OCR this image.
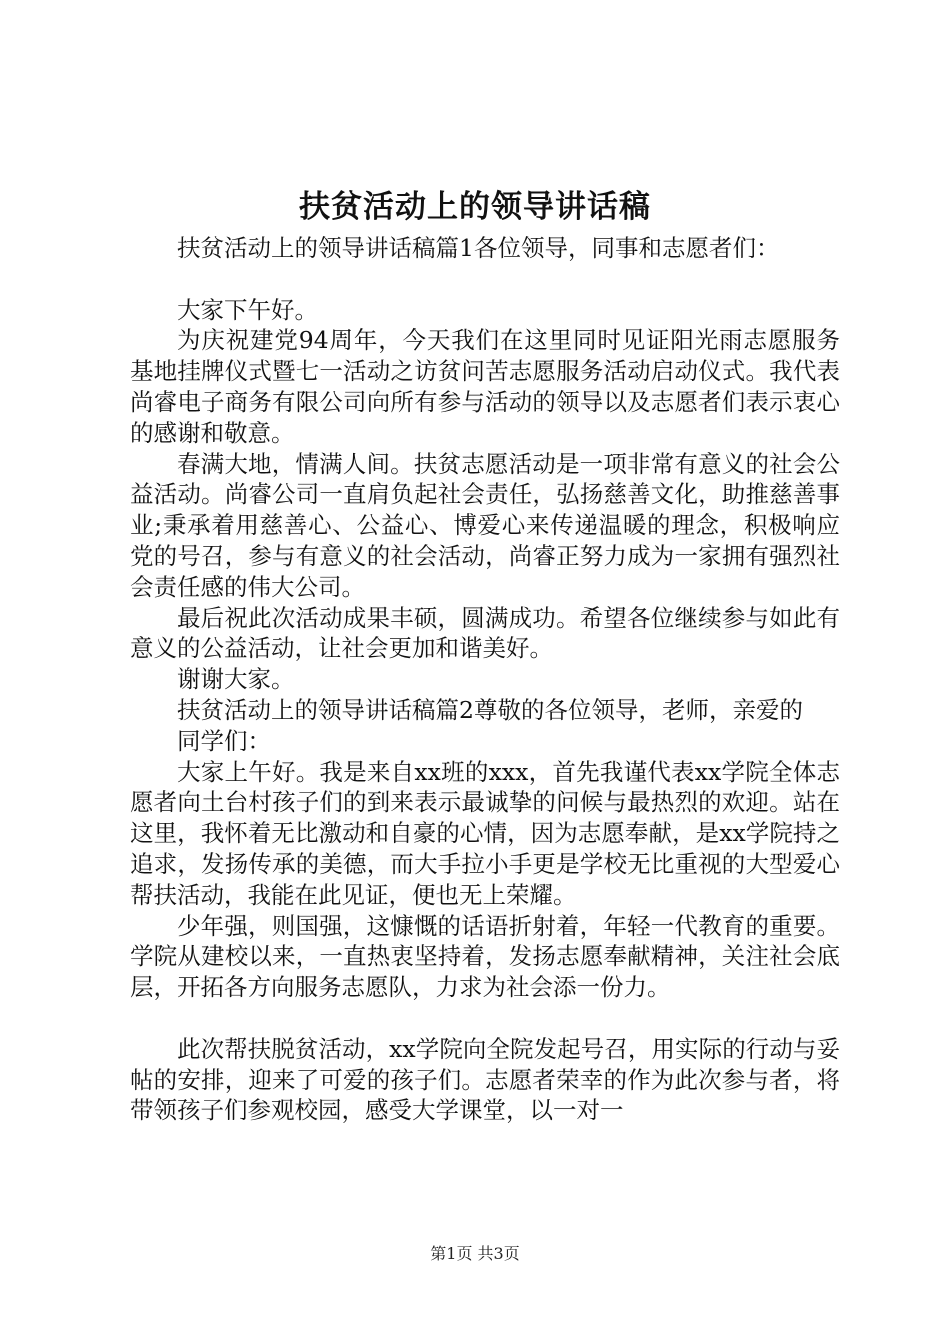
扶贫活动上的领导讲话稿

扶贫活动上的领导讲话稿篇1各位领导，同事和志愿者们：

大家下午好。

为庆祝建党94周年，今天我们在这里同时见证阳光雨志愿服务基地挂牌仪式暨七一活动之访贫问苦志愿服务活动启动仪式。我代表尚睿电子商务有限公司向所有参与活动的领导以及志愿者们表示衷心的感谢和敬意。

春满大地，情满人间。扶贫志愿活动是一项非常有意义的社会公益活动。尚睿公司一直肩负起社会责任，弘扬慈善文化，助推慈善事业;秉承着用慈善心、公益心、博爱心来传递温暖的理念，积极响应党的号召，参与有意义的社会活动，尚睿正努力成为一家拥有强烈社会责任感的伟大公司。

最后祝此次活动成果丰硕，圆满成功。希望各位继续参与如此有意义的公益活动，让社会更加和谐美好。

谢谢大家。

扶贫活动上的领导讲话稿篇2尊敬的各位领导，老师，亲爱的

同学们：

大家上午好。我是来自xx班的xxx，首先我谨代表xx学院全体志愿者向土台村孩子们的到来表示最诚挚的问候与最热烈的欢迎。站在这里，我怀着无比激动和自豪的心情，因为志愿奉献，是xx学院持之追求，发扬传承的美德，而大手拉小手更是学校无比重视的大型爱心帮扶活动，我能在此见证，便也无上荣耀。

少年强，则国强，这慷慨的话语折射着，年轻一代教育的重要。学院从建校以来，一直热衷坚持着，发扬志愿奉献精神，关注社会底层，开拓各方向服务志愿队，力求为社会添一份力。

此次帮扶脱贫活动，xx学院向全院发起号召，用实际的行动与妥帖的安排，迎来了可爱的孩子们。志愿者荣幸的作为此次参与者，将带领孩子们参观校园，感受大学课堂，以一对一

第1页 共3页
